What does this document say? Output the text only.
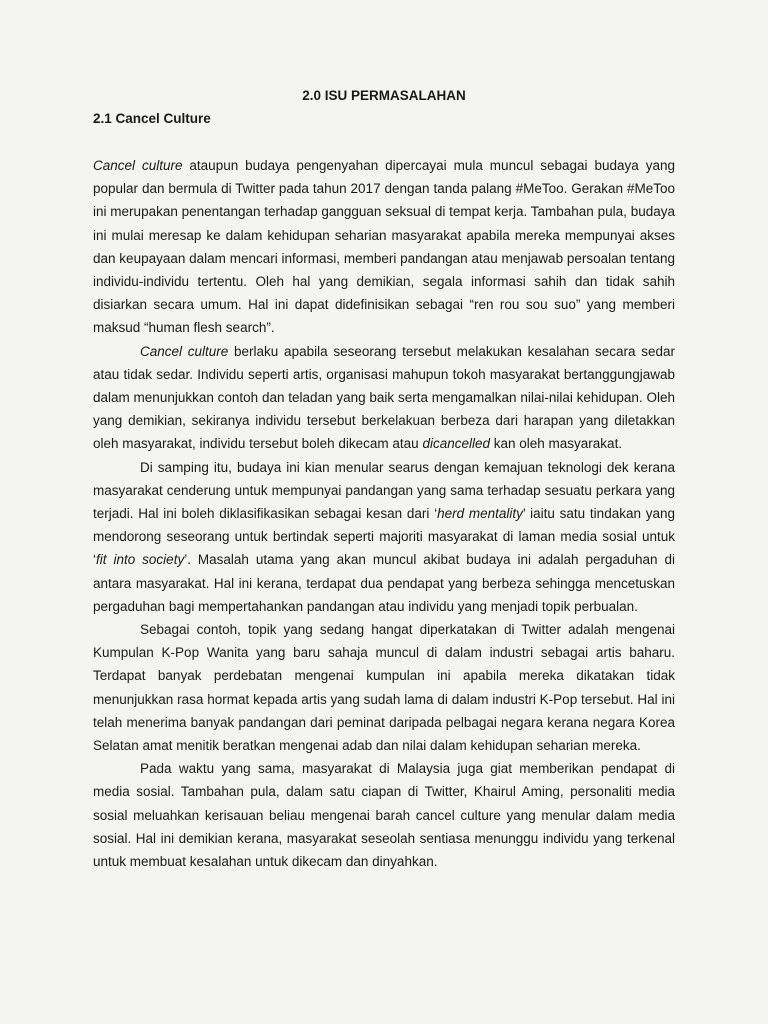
2.0 ISU PERMASALAHAN
2.1 Cancel Culture

Cancel culture ataupun budaya pengenyahan dipercayai mula muncul sebagai budaya yang popular dan bermula di Twitter pada tahun 2017 dengan tanda palang #MeToo. Gerakan #MeToo ini merupakan penentangan terhadap gangguan seksual di tempat kerja. Tambahan pula, budaya ini mulai meresap ke dalam kehidupan seharian masyarakat apabila mereka mempunyai akses dan keupayaan dalam mencari informasi, memberi pandangan atau menjawab persoalan tentang individu-individu tertentu. Oleh hal yang demikian, segala informasi sahih dan tidak sahih disiarkan secara umum. Hal ini dapat didefinisikan sebagai “ren rou sou suo” yang memberi maksud “human flesh search”.

Cancel culture berlaku apabila seseorang tersebut melakukan kesalahan secara sedar atau tidak sedar. Individu seperti artis, organisasi mahupun tokoh masyarakat bertanggungjawab dalam menunjukkan contoh dan teladan yang baik serta mengamalkan nilai-nilai kehidupan. Oleh yang demikian, sekiranya individu tersebut berkelakuan berbeza dari harapan yang diletakkan oleh masyarakat, individu tersebut boleh dikecam atau dicancelled kan oleh masyarakat.

Di samping itu, budaya ini kian menular searus dengan kemajuan teknologi dek kerana masyarakat cenderung untuk mempunyai pandangan yang sama terhadap sesuatu perkara yang terjadi. Hal ini boleh diklasifikasikan sebagai kesan dari ‘herd mentality’ iaitu satu tindakan yang mendorong seseorang untuk bertindak seperti majoriti masyarakat di laman media sosial untuk ‘fit into society’. Masalah utama yang akan muncul akibat budaya ini adalah pergaduhan di antara masyarakat. Hal ini kerana, terdapat dua pendapat yang berbeza sehingga mencetuskan pergaduhan bagi mempertahankan pandangan atau individu yang menjadi topik perbualan.

Sebagai contoh, topik yang sedang hangat diperkatakan di Twitter adalah mengenai Kumpulan K-Pop Wanita yang baru sahaja muncul di dalam industri sebagai artis baharu. Terdapat banyak perdebatan mengenai kumpulan ini apabila mereka dikatakan tidak menunjukkan rasa hormat kepada artis yang sudah lama di dalam industri K-Pop tersebut. Hal ini telah menerima banyak pandangan dari peminat daripada pelbagai negara kerana negara Korea Selatan amat menitik beratkan mengenai adab dan nilai dalam kehidupan seharian mereka.

Pada waktu yang sama, masyarakat di Malaysia juga giat memberikan pendapat di media sosial. Tambahan pula, dalam satu ciapan di Twitter, Khairul Aming, personaliti media sosial meluahkan kerisauan beliau mengenai barah cancel culture yang menular dalam media sosial. Hal ini demikian kerana, masyarakat seseolah sentiasa menunggu individu yang terkenal untuk membuat kesalahan untuk dikecam dan dinyahkan.
